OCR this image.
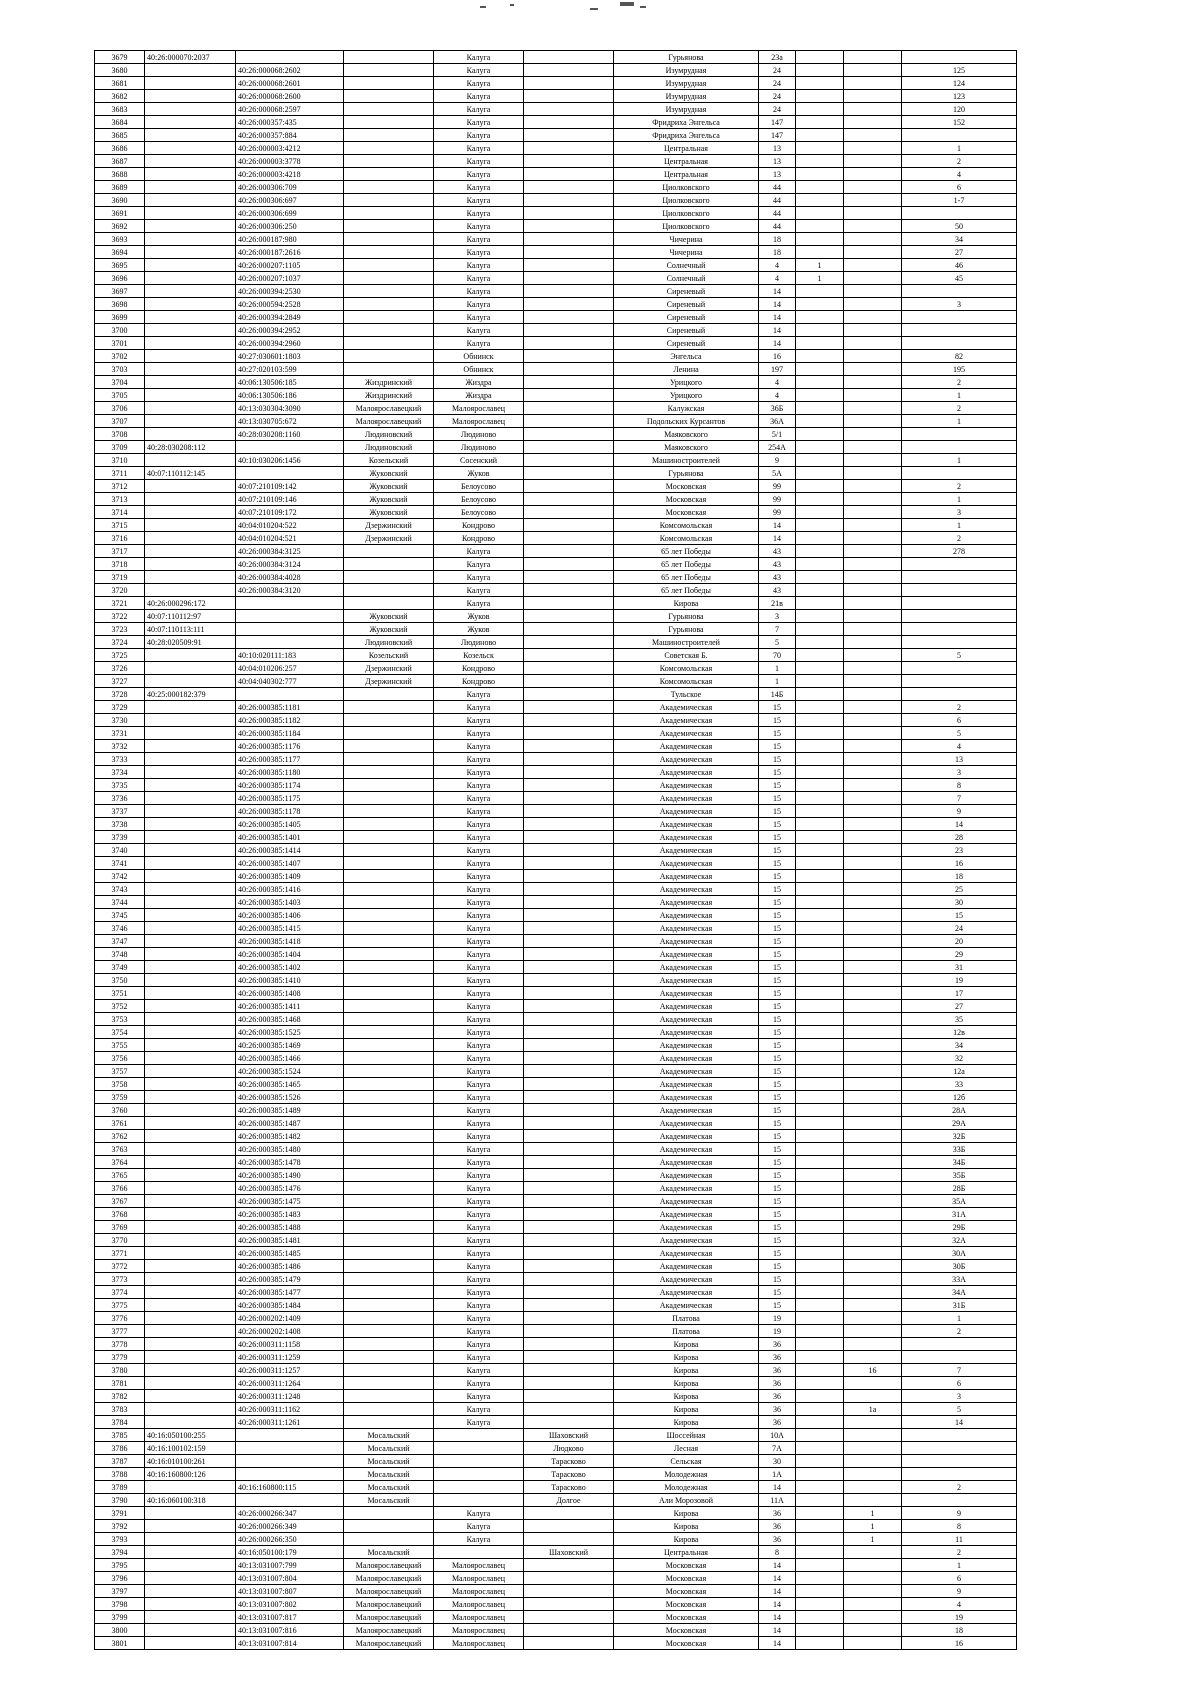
3679	40:26:000070:2037			Калуга		Гурьянова	23а			
3680		40:26:000068:2602		Калуга		Изумрудная	24			125
3681		40:26:000068:2601		Калуга		Изумрудная	24			124
3682		40:26:000068:2600		Калуга		Изумрудная	24			123
3683		40:26:000068:2597		Калуга		Изумрудная	24			120
3684		40:26:000357:435		Калуга		Фридриха Энгельса	147			152
3685		40:26:000357:884		Калуга		Фридриха Энгельса	147			
3686		40:26:000003:4212		Калуга		Центральная	13			1
3687		40:26:000003:3778		Калуга		Центральная	13			2
3688		40:26:000003:4218		Калуга		Центральная	13			4
3689		40:26:000306:709		Калуга		Циолковского	44			6
3690		40:26:000306:697		Калуга		Циолковского	44			1-7
3691		40:26:000306:699		Калуга		Циолковского	44			
3692		40:26:000306:250		Калуга		Циолковского	44			50
3693		40:26:000187:980		Калуга		Чичерина	18			34
3694		40:26:000187:2616		Калуга		Чичерина	18			27
3695		40:26:000207:1105		Калуга		Солнечный	4	1		46
3696		40:26:000207:1037		Калуга		Солнечный	4	1		45
3697		40:26:000394:2530		Калуга		Сиреневый	14			
3698		40:26:000594:2528		Калуга		Сиреневый	14			3
3699		40:26:000394:2849		Калуга		Сиреневый	14			
3700		40:26:000394:2952		Калуга		Сиреневый	14			
3701		40:26:000394:2960		Калуга		Сиреневый	14			
3702		40:27:030601:1803		Обнинск		Энгельса	16			82
3703		40:27:020103:599		Обнинск		Ленина	197			195
3704		40:06:130506:185	Жиздринский	Жиздра		Урицкого	4			2
3705		40:06:130506:186	Жиздринский	Жиздра		Урицкого	4			1
3706		40:13:030304:3090	Малоярославецкий	Малоярославец		Калужская	36Б			2
3707		40:13:030705:672	Малоярославецкий	Малоярославец		Подольских Курсантов	36А			1
3708		40:28:030208:1160	Людиновский	Людиново		Маяковского	5/1			
3709	40:28:030208:112		Людиновский	Людиново		Маяковского	254А			
3710		40:10:030206:1456	Козельский	Сосенский		Машиностроителей	9			1
3711	40:07:110112:145		Жуковский	Жуков		Гурьянова	5А			
3712		40:07:210109:142	Жуковский	Белоусово		Московская	99			2
3713		40:07:210109:146	Жуковский	Белоусово		Московская	99			1
3714		40:07:210109:172	Жуковский	Белоусово		Московская	99			3
3715		40:04:010204:522	Дзержинский	Кондрово		Комсомольская	14			1
3716		40:04:010204:521	Дзержинский	Кондрово		Комсомольская	14			2
3717		40:26:000384:3125		Калуга		65 лет Победы	43			278
3718		40:26:000384:3124		Калуга		65 лет Победы	43			
3719		40:26:000384:4028		Калуга		65 лет Победы	43			
3720		40:26:000384:3120		Калуга		65 лет Победы	43			
3721	40:26:000296:172			Калуга		Кирова	21в			
3722	40:07:110112:97		Жуковский	Жуков		Гурьянова	3			
3723	40:07:110113:111		Жуковский	Жуков		Гурьянова	7			
3724	40:28:020509:91		Людиновский	Людиново		Машиностроителей	5			
3725		40:10:020111:183	Козельский	Козельск		Советская Б.	70			5
3726		40:04:010206:257	Дзержинский	Кондрово		Комсомольская	1			
3727		40:04:040302:777	Дзержинский	Кондрово		Комсомольская	1			
3728	40:25:000182:379			Калуга		Тульское	14Б			
3729		40:26:000385:1181		Калуга		Академическая	15			2
3730		40:26:000385:1182		Калуга		Академическая	15			6
3731		40:26:000385:1184		Калуга		Академическая	15			5
3732		40:26:000385:1176		Калуга		Академическая	15			4
3733		40:26:000385:1177		Калуга		Академическая	15			13
3734		40:26:000385:1180		Калуга		Академическая	15			3
3735		40:26:000385:1174		Калуга		Академическая	15			8
3736		40:26:000385:1175		Калуга		Академическая	15			7
3737		40:26:000385:1178		Калуга		Академическая	15			9
3738		40:26:000385:1405		Калуга		Академическая	15			14
3739		40:26:000385:1401		Калуга		Академическая	15			28
3740		40:26:000385:1414		Калуга		Академическая	15			23
3741		40:26:000385:1407		Калуга		Академическая	15			16
3742		40:26:000385:1409		Калуга		Академическая	15			18
3743		40:26:000385:1416		Калуга		Академическая	15			25
3744		40:26:000385:1403		Калуга		Академическая	15			30
3745		40:26:000385:1406		Калуга		Академическая	15			15
3746		40:26:000385:1415		Калуга		Академическая	15			24
3747		40:26:000385:1418		Калуга		Академическая	15			20
3748		40:26:000385:1404		Калуга		Академическая	15			29
3749		40:26:000385:1402		Калуга		Академическая	15			31
3750		40:26:000385:1410		Калуга		Академическая	15			19
3751		40:26:000385:1408		Калуга		Академическая	15			17
3752		40:26:000385:1411		Калуга		Академическая	15			27
3753		40:26:000385:1468		Калуга		Академическая	15			35
3754		40:26:000385:1525		Калуга		Академическая	15			12в
3755		40:26:000385:1469		Калуга		Академическая	15			34
3756		40:26:000385:1466		Калуга		Академическая	15			32
3757		40:26:000385:1524		Калуга		Академическая	15			12а
3758		40:26:000385:1465		Калуга		Академическая	15			33
3759		40:26:000385:1526		Калуга		Академическая	15			12б
3760		40:26:000385:1489		Калуга		Академическая	15			28А
3761		40:26:000385:1487		Калуга		Академическая	15			29А
3762		40:26:000385:1482		Калуга		Академическая	15			32Б
3763		40:26:000385:1480		Калуга		Академическая	15			33Б
3764		40:26:000385:1478		Калуга		Академическая	15			34Б
3765		40:26:000385:1490		Калуга		Академическая	15			35Б
3766		40:26:000385:1476		Калуга		Академическая	15			28Б
3767		40:26:000385:1475		Калуга		Академическая	15			35А
3768		40:26:000385:1483		Калуга		Академическая	15			31А
3769		40:26:000385:1488		Калуга		Академическая	15			29Б
3770		40:26:000385:1481		Калуга		Академическая	15			32А
3771		40:26:000385:1485		Калуга		Академическая	15			30А
3772		40:26:000385:1486		Калуга		Академическая	15			30Б
3773		40:26:000385:1479		Калуга		Академическая	15			33А
3774		40:26:000385:1477		Калуга		Академическая	15			34А
3775		40:26:000385:1484		Калуга		Академическая	15			31Б
3776		40:26:000202:1409		Калуга		Платова	19			1
3777		40:26:000202:1408		Калуга		Платова	19			2
3778		40:26:000311:1158		Калуга		Кирова	36			
3779		40:26:000311:1259		Калуга		Кирова	36			
3780		40:26:000311:1257		Калуга		Кирова	36		16	7
3781		40:26:000311:1264		Калуга		Кирова	36			6
3782		40:26:000311:1248		Калуга		Кирова	36			3
3783		40:26:000311:1162		Калуга		Кирова	36		1а	5
3784		40:26:000311:1261		Калуга		Кирова	36			14
3785	40:16:050100:255		Мосальский		Шаховский	Шоссейная	10А			
3786	40:16:100102:159		Мосальский		Людково	Лесная	7А			
3787	40:16:010100:261		Мосальский		Тарасково	Сельская	30			
3788	40:16:160800:126		Мосальский		Тарасково	Молодежная	1А			
3789		40:16:160800:115	Мосальский		Тарасково	Молодежная	14			2
3790	40:16:060100:318		Мосальский		Долгое	Али Морозовой	11А			
3791		40:26:000266:347		Калуга		Кирова	36		1	9
3792		40:26:000266:349		Калуга		Кирова	36		1	8
3793		40:26:000266:350		Калуга		Кирова	36		1	11
3794		40:16:050100:179	Мосальский		Шаховский	Центральная	8			2
3795		40:13:031007:799	Малоярославецкий	Малоярославец		Московская	14			1
3796		40:13:031007:804	Малоярославецкий	Малоярославец		Московская	14			6
3797		40:13:031007:807	Малоярославецкий	Малоярославец		Московская	14			9
3798		40:13:031007:802	Малоярославецкий	Малоярославец		Московская	14			4
3799		40:13:031007:817	Малоярославецкий	Малоярославец		Московская	14			19
3800		40:13:031007:816	Малоярославецкий	Малоярославец		Московская	14			18
3801		40:13:031007:814	Малоярославецкий	Малоярославец		Московская	14			16
